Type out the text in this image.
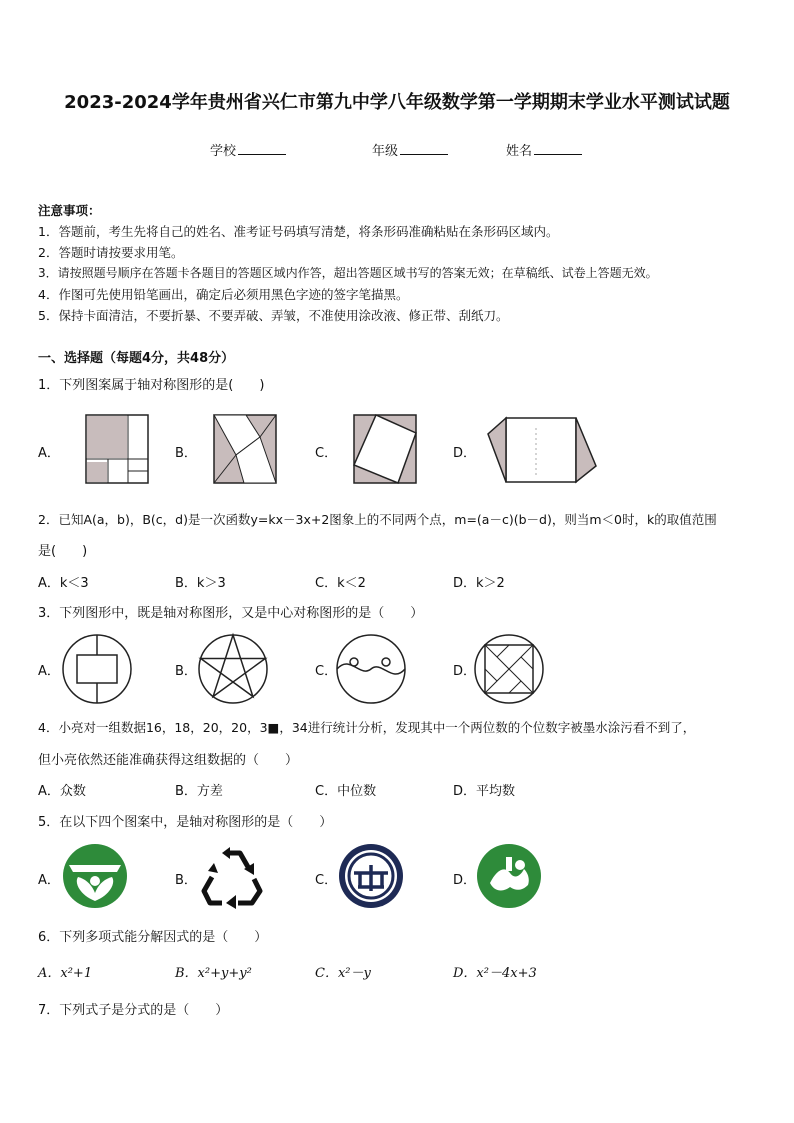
2023-2024学年贵州省兴仁市第九中学八年级数学第一学期期末学业水平测试试题
学校	年级	姓名
注意事项：
1．答题前，考生先将自己的姓名、准考证号码填写清楚，将条形码准确粘贴在条形码区域内。
2．答题时请按要求用笔。
3．请按照题号顺序在答题卡各题目的答题区域内作答，超出答题区域书写的答案无效；在草稿纸、试卷上答题无效。
4．作图可先使用铅笔画出，确定后必须用黑色字迹的签字笔描黑。
5．保持卡面清洁，不要折暴、不要弄破、弄皱，不准使用涂改液、修正带、刮纸刀。
一、选择题（每题4分，共48分）
1．下列图案属于轴对称图形的是(　　)
A．	B．	C．	D．
2．已知A(a，b)，B(c，d)是一次函数y=kx－3x+2图象上的不同两个点，m=(a－c)(b－d)，则当m＜0时，k的取值范围
是(　　)
A．k＜3	B．k＞3	C．k＜2	D．k＞2
3．下列图形中，既是轴对称图形，又是中心对称图形的是（　　）
A．	B．	C．	D．
4．小亮对一组数据16，18，20，20，3■，34进行统计分析，发现其中一个两位数的个位数字被墨水涂污看不到了，
但小亮依然还能准确获得这组数据的（　　）
A．众数	B．方差	C．中位数	D．平均数
5．在以下四个图案中，是轴对称图形的是（　　）
A．	B．	C．	D．
6．下列多项式能分解因式的是（　　）
A．x²+1	B．x²+y+y²	C．x²－y	D．x²－4x+3
7．下列式子是分式的是（　　）
